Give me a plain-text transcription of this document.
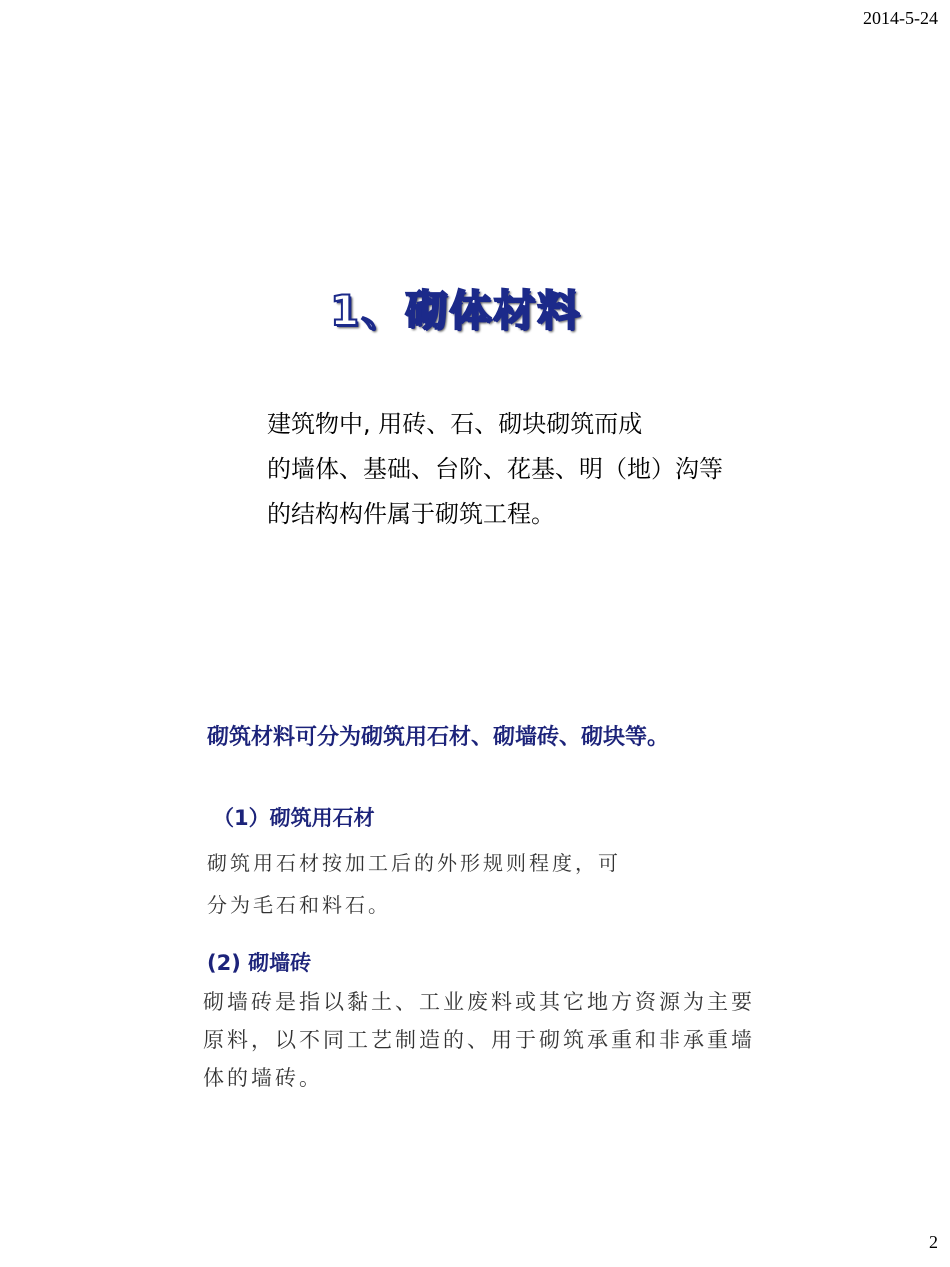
2014-5-24
1、砌体材料
建筑物中, 用砖、石、砌块砌筑而成
的墙体、基础、台阶、花基、明（地）沟等
的结构构件属于砌筑工程。
砌筑材料可分为砌筑用石材、砌墙砖、砌块等。
（1）砌筑用石材
砌筑用石材按加工后的外形规则程度，可
分为毛石和料石。
(2) 砌墙砖
砌墙砖是指以黏土、工业废料或其它地方资源为主要
原料，以不同工艺制造的、用于砌筑承重和非承重墙
体的墙砖。
2
